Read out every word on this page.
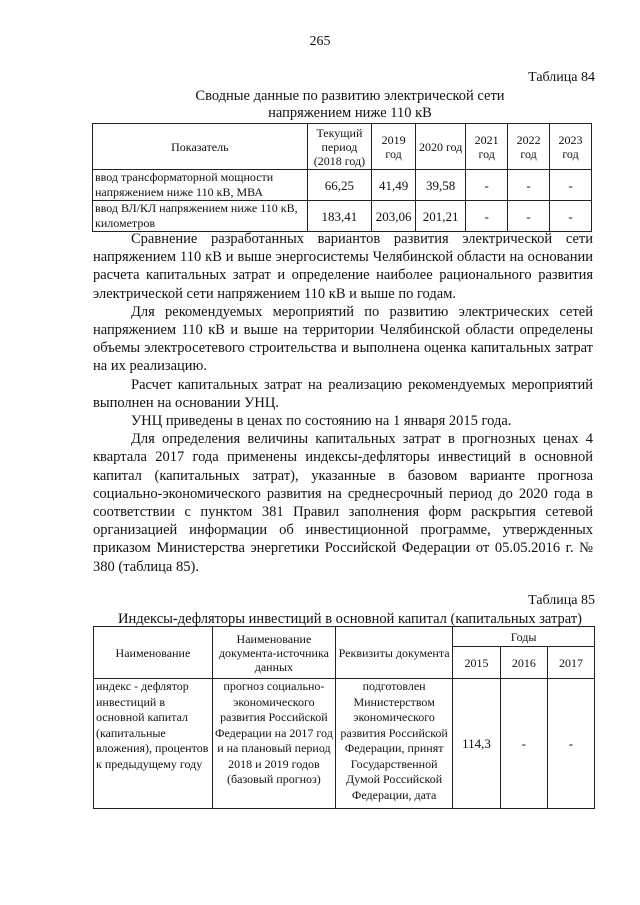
265
Таблица 84
Сводные данные по развитию электрической сети
напряжением ниже 110 кВ
Показатель	Текущий период (2018 год)	2019 год	2020 год	2021 год	2022 год	2023 год
ввод трансформаторной мощности напряжением ниже 110 кВ, МВА	66,25	41,49	39,58	-	-	-
ввод ВЛ/КЛ напряжением ниже 110 кВ, километров	183,41	203,06	201,21	-	-	-

Сравнение разработанных вариантов развития электрической сети напряжением 110 кВ и выше энергосистемы Челябинской области на основании расчета капитальных затрат и определение наиболее рационального развития электрической сети напряжением 110 кВ и выше по годам.

Для рекомендуемых мероприятий по развитию электрических сетей напряжением 110 кВ и выше на территории Челябинской области определены объемы электросетевого строительства и выполнена оценка капитальных затрат на их реализацию.

Расчет капитальных затрат на реализацию рекомендуемых мероприятий выполнен на основании УНЦ.

УНЦ приведены в ценах по состоянию на 1 января 2015 года.

Для определения величины капитальных затрат в прогнозных ценах 4 квартала 2017 года применены индексы-дефляторы инвестиций в основной капитал (капитальных затрат), указанные в базовом варианте прогноза социально-экономического развития на среднесрочный период до 2020 года в соответствии с пунктом 381 Правил заполнения форм раскрытия сетевой организацией информации об инвестиционной программе, утвержденных приказом Министерства энергетики Российской Федерации от 05.05.2016 г. № 380 (таблица 85).

Таблица 85
Индексы-дефляторы инвестиций в основной капитал (капитальных затрат)
Наименование	Наименование документа-источника данных	Реквизиты документа	Годы		
			2015	2016	2017
индекс - дефлятор инвестиций в основной капитал (капитальные вложения), процентов к предыдущему году	прогноз социально-экономического развития Российской Федерации на 2017 год и на плановый период 2018 и 2019 годов (базовый прогноз)	подготовлен Министерством экономического развития Российской Федерации, принят Государственной Думой Российской Федерации, дата	114,3	-	-
